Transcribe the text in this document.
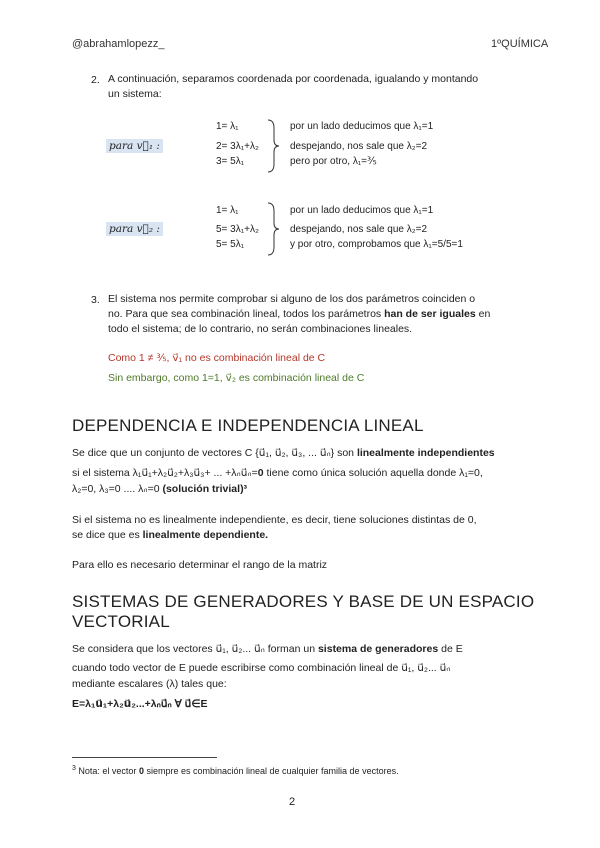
@abrahamlopezz_	1ºQUÍMICA
2. A continuación, separamos coordenada por coordenada, igualando y montando
un sistema:
para v⃗₁ :
1= λ₁
2= 3λ₁+λ₂
3= 5λ₁
por un lado deducimos que λ₁=1
despejando, nos sale que λ₂=2
pero por otro, λ₁=⅗
para v⃗₂ :
1= λ₁
5= 3λ₁+λ₂
5= 5λ₁
por un lado deducimos que λ₁=1
despejando, nos sale que λ₂=2
y por otro, comprobamos que λ₁=5/5=1
3. El sistema nos permite comprobar si alguno de los dos parámetros coinciden o
no. Para que sea combinación lineal, todos los parámetros han de ser iguales en
todo el sistema; de lo contrario, no serán combinaciones lineales.
Como 1 ≠ ⅗, v⃗₁ no es combinación lineal de C
Sin embargo, como 1=1, v⃗₂ es combinación lineal de C
DEPENDENCIA E INDEPENDENCIA LINEAL
Se dice que un conjunto de vectores C {u⃗₁, u⃗₂, u⃗₃, ... u⃗ₙ} son linealmente independientes
si el sistema λ₁u⃗₁+λ₂u⃗₂+λ₃u⃗₃+ ... +λₙu⃗ₙ=0 tiene como única solución aquella donde λ₁=0,
λ₂=0, λ₃=0 .... λₙ=0 (solución trivial)³
Si el sistema no es linealmente independiente, es decir, tiene soluciones distintas de 0,
se dice que es linealmente dependiente.
Para ello es necesario determinar el rango de la matriz
SISTEMAS DE GENERADORES Y BASE DE UN ESPACIO
VECTORIAL
Se considera que los vectores u⃗₁, u⃗₂... u⃗ₙ forman un sistema de generadores de E
cuando todo vector de E puede escribirse como combinación lineal de u⃗₁, u⃗₂... u⃗ₙ
mediante escalares (λ) tales que:
E=λ₁u⃗₁+λ₂u⃗₂...+λₙu⃗ₙ ∀ u⃗∈E
$^3$ Nota: el vector 0 siempre es combinación lineal de cualquier familia de vectores.
2
